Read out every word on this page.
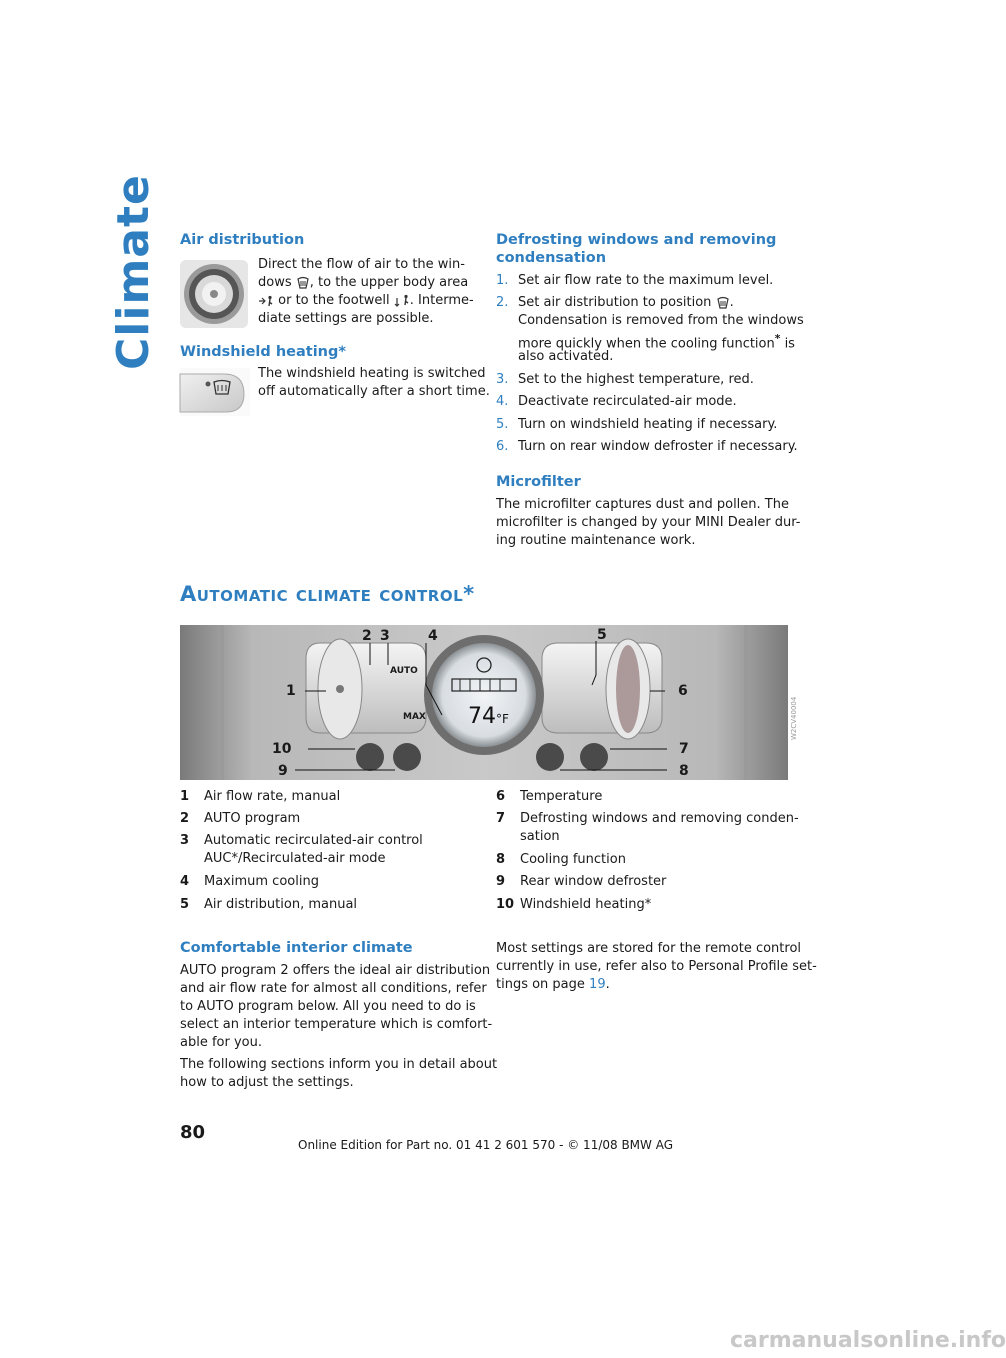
Climate Air distribution

Direct the flow of air to the win-

dows , to the upper body area

or to the footwell . Interme-

diate settings are possible.

Windshield heating*

The windshield heating is switched

off automatically after a short time.

Defrosting windows and removing
condensation

1. Set air flow rate to the maximum level.

2. Set air distribution to position .

Condensation is removed from the windows

more quickly when the cooling function* is

also activated.

3. Set to the highest temperature, red.

4. Deactivate recirculated-air mode.

5. Turn on windshield heating if necessary.

6. Turn on rear window defroster if necessary.

Microfilter

The microfilter captures dust and pollen. The

microfilter is changed by your MINI Dealer dur-

ing routine maintenance work.

Automatic climate control*
AUTO
MAX 74°F
1
2 3	4	5
6
7
8
9
10
W2CV40004
1 Air flow rate, manual
2 AUTO program
3 Automatic recirculated-air control
AUC*/Recirculated-air mode
4 Maximum cooling
5 Air distribution, manual
6 Temperature
7 Defrosting windows and removing conden-
sation
8 Cooling function
9 Rear window defroster
10 Windshield heating*
Comfortable interior climate

AUTO program 2 offers the ideal air distribution

and air flow rate for almost all conditions, refer

to AUTO program below. All you need to do is

select an interior temperature which is comfort-

able for you.

The following sections inform you in detail about

how to adjust the settings.

Most settings are stored for the remote control

currently in use, refer also to Personal Profile set-

tings on page 19.

80
Online Edition for Part no. 01 41 2 601 570 - © 11/08 BMW AG
carmanualsonline.info
